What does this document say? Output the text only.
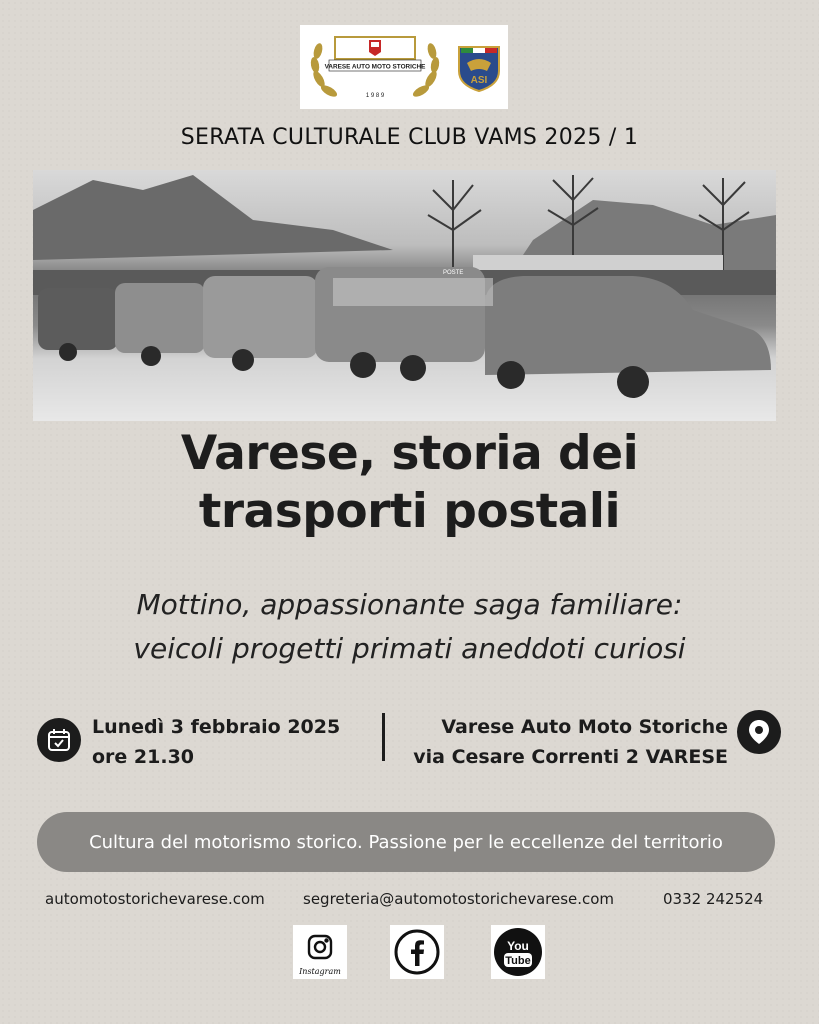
VARESE AUTO MOTO STORICHE
1 9 8 9
ASI
SERATA CULTURALE CLUB VAMS 2025 / 1
POSTE
Varese, storia dei
trasporti postali
Mottino, appassionante saga familiare:
veicoli progetti primati aneddoti curiosi
Lunedì 3 febbraio 2025
ore 21.30
Varese Auto Moto Storiche
via Cesare Correnti 2 VARESE
Cultura del motorismo storico. Passione per le eccellenze del territorio
automotostorichevarese.com	segreteria@automotostorichevarese.com	0332 242524
Instagram
You
Tube
